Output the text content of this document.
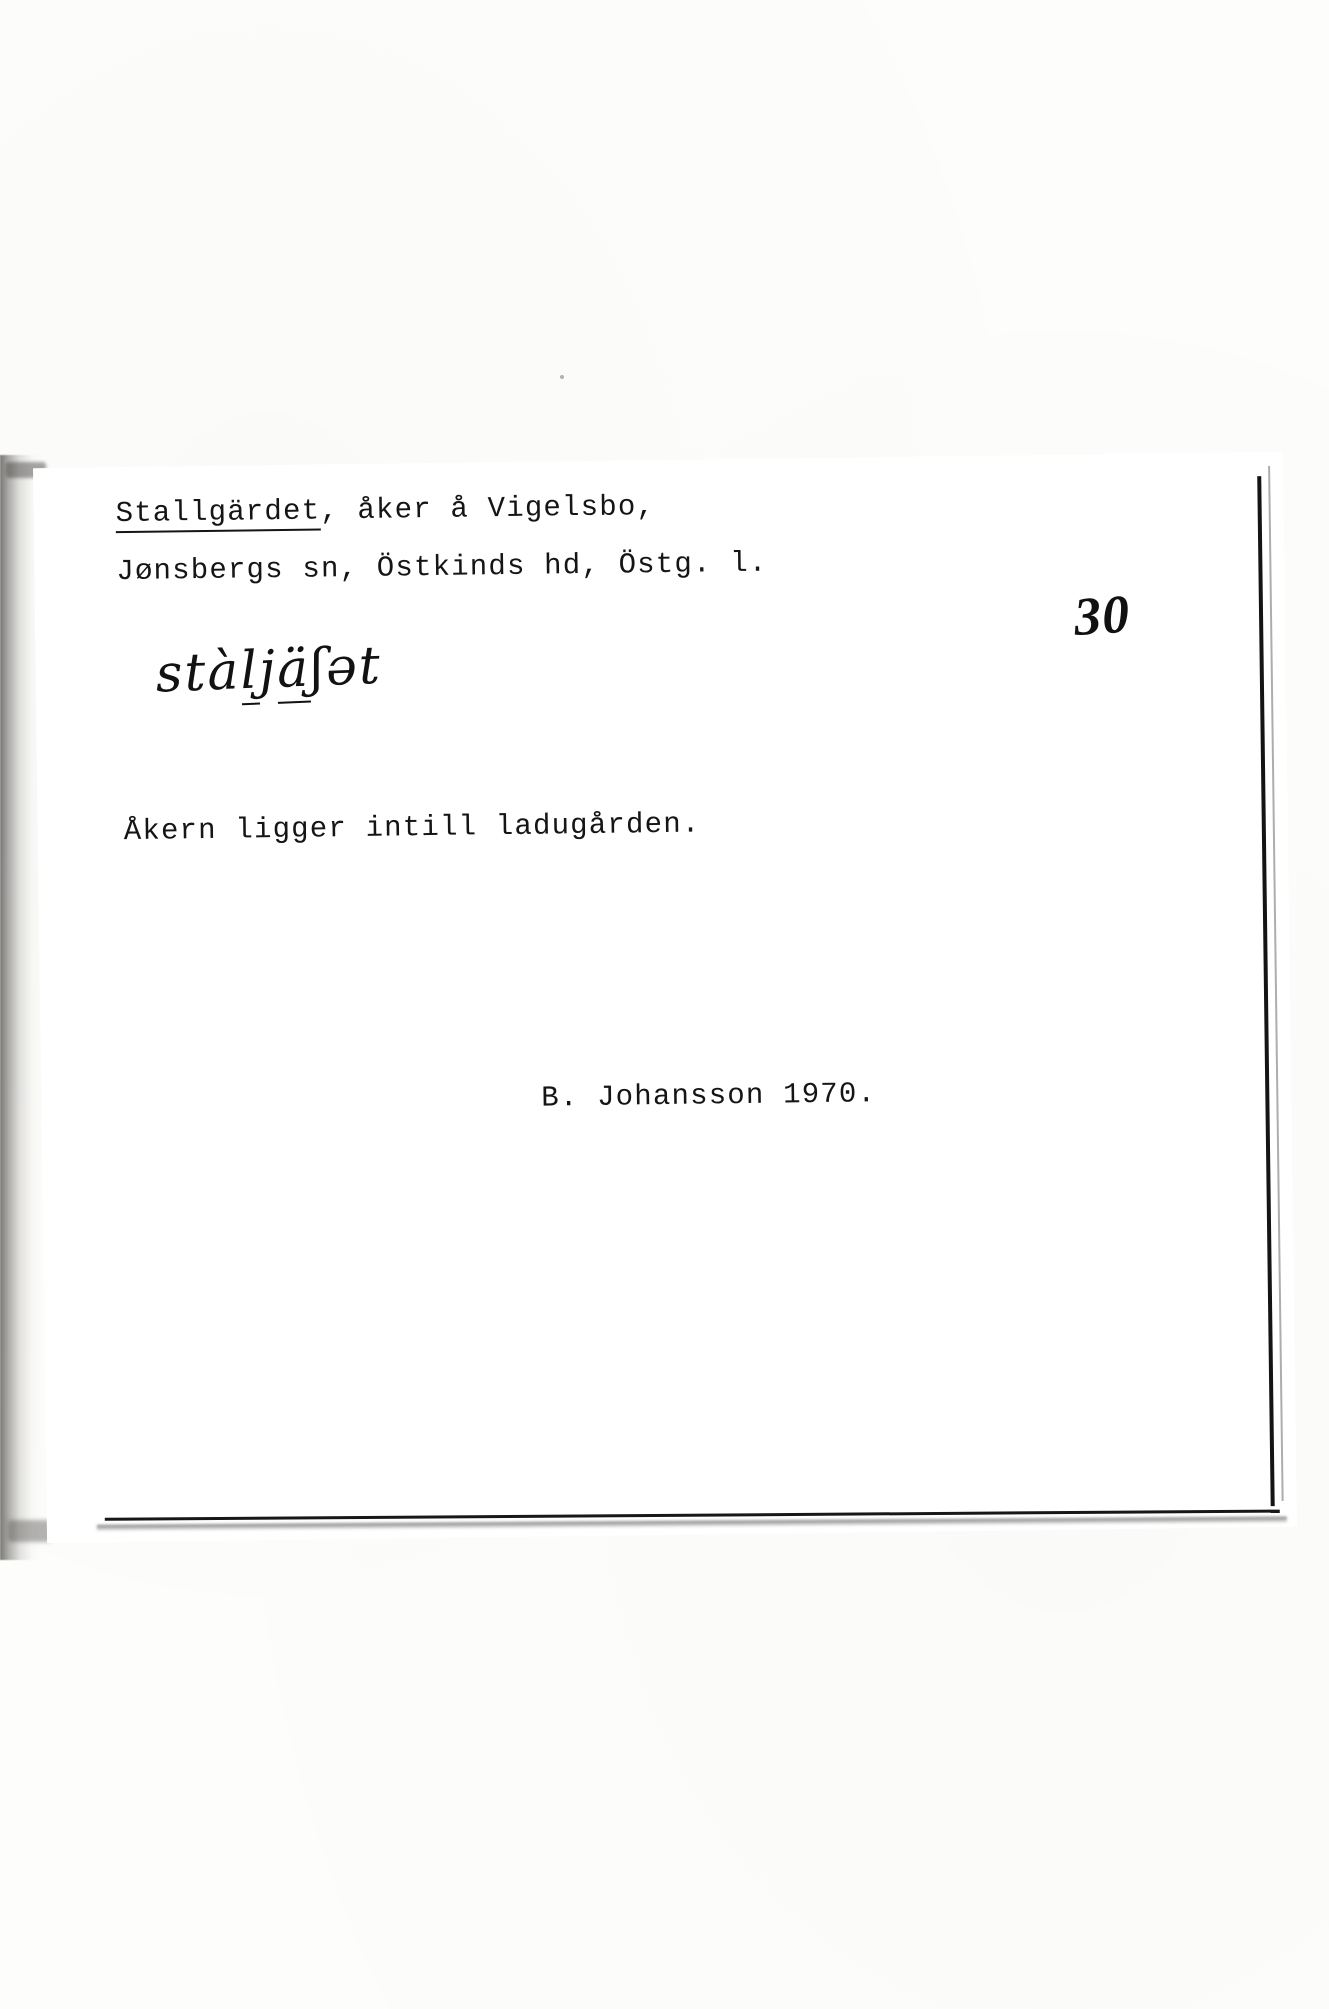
Stallgärdet, åker å Vigelsbo,
Jønsbergs sn, Östkinds hd, Östg. l.
30
stàljäʃət
Åkern ligger intill ladugården.
B. Johansson 1970.
